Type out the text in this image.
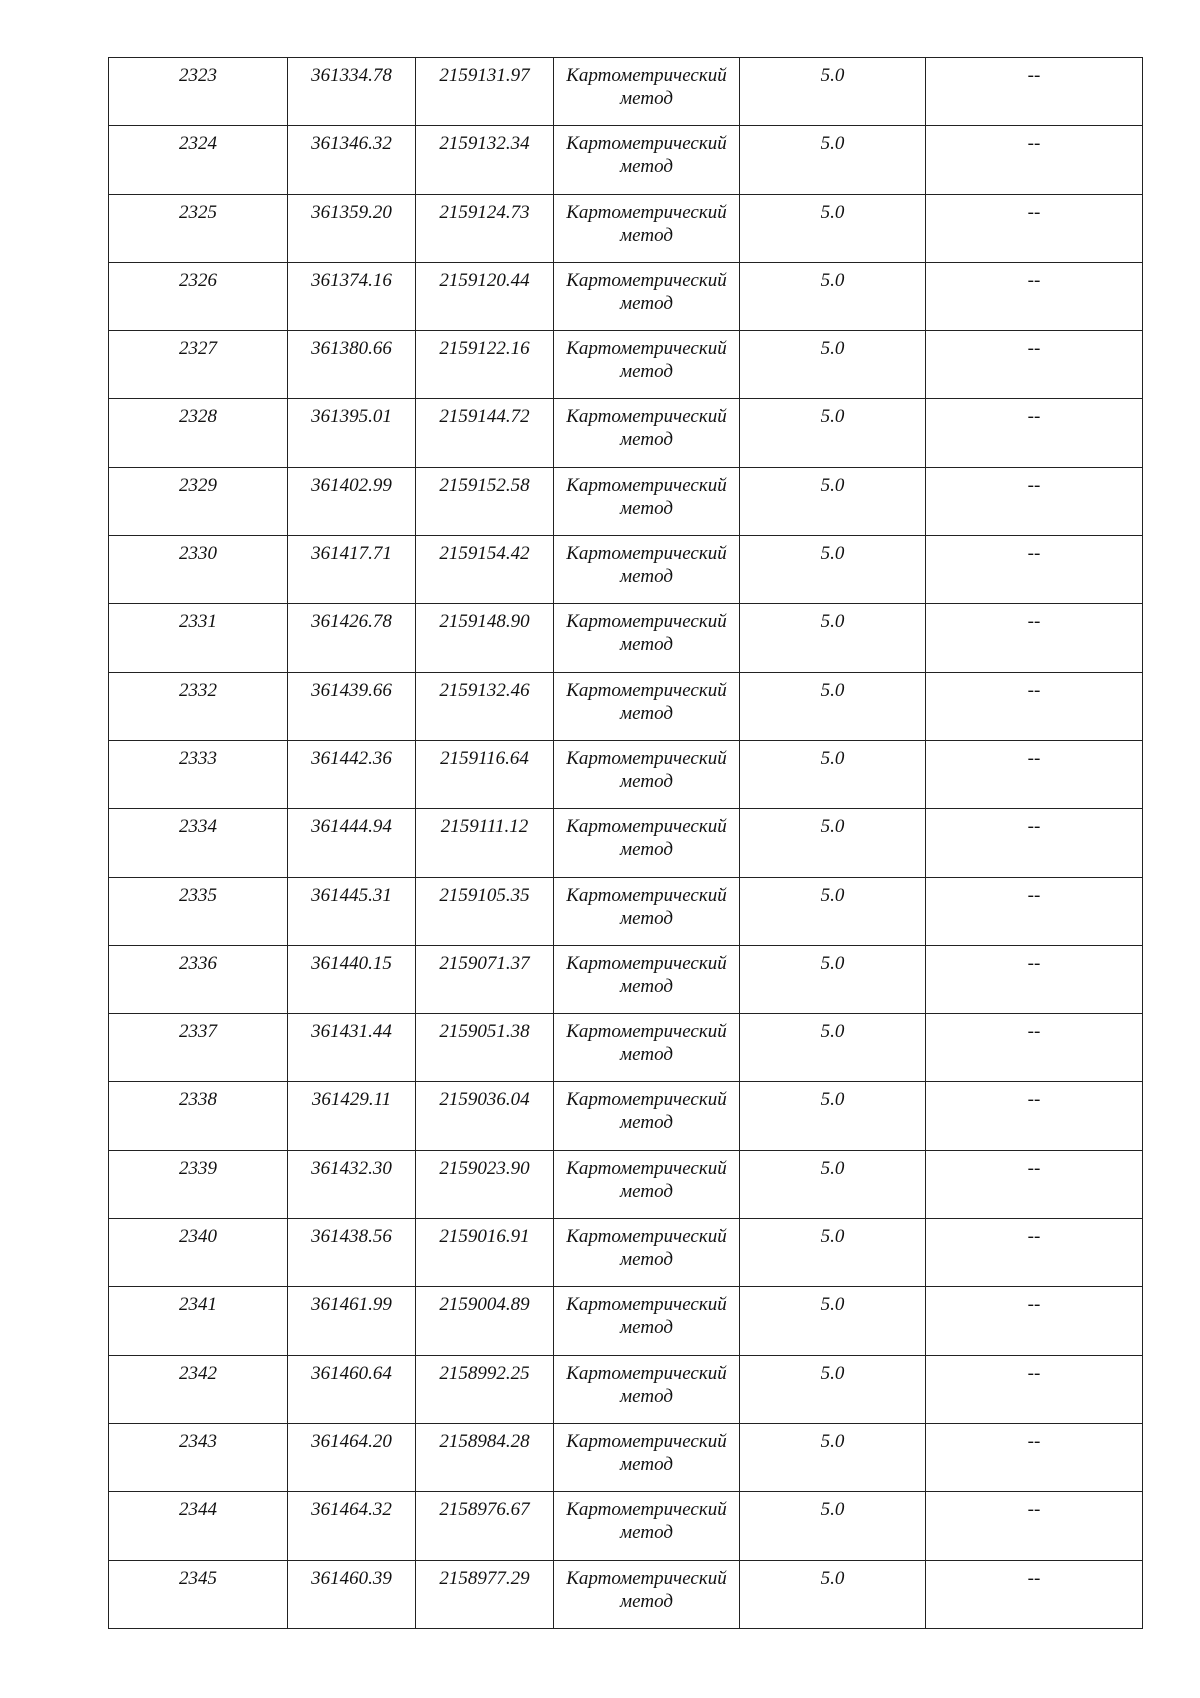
2323	361334.78	2159131.97	Картометрический
метод	5.0	--
2324	361346.32	2159132.34	Картометрический
метод	5.0	--
2325	361359.20	2159124.73	Картометрический
метод	5.0	--
2326	361374.16	2159120.44	Картометрический
метод	5.0	--
2327	361380.66	2159122.16	Картометрический
метод	5.0	--
2328	361395.01	2159144.72	Картометрический
метод	5.0	--
2329	361402.99	2159152.58	Картометрический
метод	5.0	--
2330	361417.71	2159154.42	Картометрический
метод	5.0	--
2331	361426.78	2159148.90	Картометрический
метод	5.0	--
2332	361439.66	2159132.46	Картометрический
метод	5.0	--
2333	361442.36	2159116.64	Картометрический
метод	5.0	--
2334	361444.94	2159111.12	Картометрический
метод	5.0	--
2335	361445.31	2159105.35	Картометрический
метод	5.0	--
2336	361440.15	2159071.37	Картометрический
метод	5.0	--
2337	361431.44	2159051.38	Картометрический
метод	5.0	--
2338	361429.11	2159036.04	Картометрический
метод	5.0	--
2339	361432.30	2159023.90	Картометрический
метод	5.0	--
2340	361438.56	2159016.91	Картометрический
метод	5.0	--
2341	361461.99	2159004.89	Картометрический
метод	5.0	--
2342	361460.64	2158992.25	Картометрический
метод	5.0	--
2343	361464.20	2158984.28	Картометрический
метод	5.0	--
2344	361464.32	2158976.67	Картометрический
метод	5.0	--
2345	361460.39	2158977.29	Картометрический
метод	5.0	--
